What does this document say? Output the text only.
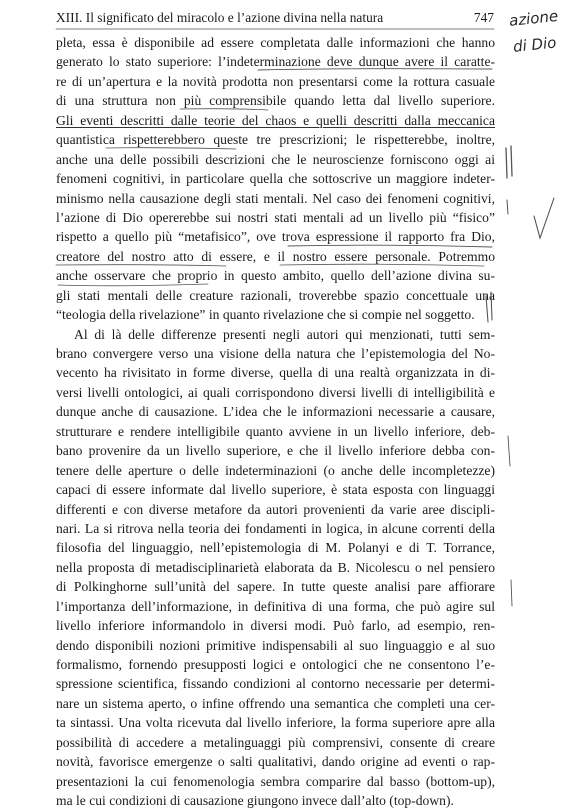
XIII. Il significato del miracolo e l’azione divina nella natura	747 azione
di Dio
pleta, essa è disponibile ad essere completata dalle informazioni che hanno
generato lo stato superiore: l’indeterminazione deve dunque avere il caratte-
re di un’apertura e la novità prodotta non presentarsi come la rottura casuale
di una struttura non più comprensibile quando letta dal livello superiore.
Gli eventi descritti dalle teorie del chaos e quelli descritti dalla meccanica
quantistica rispetterebbero queste tre prescrizioni; le rispetterebbe, inoltre,
anche una delle possibili descrizioni che le neuroscienze forniscono oggi ai
fenomeni cognitivi, in particolare quella che sottoscrive un maggiore indeter-
minismo nella causazione degli stati mentali. Nel caso dei fenomeni cognitivi,
l’azione di Dio opererebbe sui nostri stati mentali ad un livello più “fisico”
rispetto a quello più “metafisico”, ove trova espressione il rapporto fra Dio,
creatore del nostro atto di essere, e il nostro essere personale. Potremmo
anche osservare che proprio in questo ambito, quello dell’azione divina su-
gli stati mentali delle creature razionali, troverebbe spazio concettuale una
“teologia della rivelazione” in quanto rivelazione che si compie nel soggetto.
Al di là delle differenze presenti negli autori qui menzionati, tutti sem-
brano convergere verso una visione della natura che l’epistemologia del No-
vecento ha rivisitato in forme diverse, quella di una realtà organizzata in di-
versi livelli ontologici, ai quali corrispondono diversi livelli di intelligibilità e
dunque anche di causazione. L’idea che le informazioni necessarie a causare,
strutturare e rendere intelligibile quanto avviene in un livello inferiore, deb-
bano provenire da un livello superiore, e che il livello inferiore debba con-
tenere delle aperture o delle indeterminazioni (o anche delle incompletezze)
capaci di essere informate dal livello superiore, è stata esposta con linguaggi
differenti e con diverse metafore da autori provenienti da varie aree discipli-
nari. La si ritrova nella teoria dei fondamenti in logica, in alcune correnti della
filosofia del linguaggio, nell’epistemologia di M. Polanyi e di T. Torrance,
nella proposta di metadisciplinarietà elaborata da B. Nicolescu o nel pensiero
di Polkinghorne sull’unità del sapere. In tutte queste analisi pare affiorare
l’importanza dell’informazione, in definitiva di una forma, che può agire sul
livello inferiore informandolo in diversi modi. Può farlo, ad esempio, ren-
dendo disponibili nozioni primitive indispensabili al suo linguaggio e al suo
formalismo, fornendo presupposti logici e ontologici che ne consentono l’e-
spressione scientifica, fissando condizioni al contorno necessarie per determi-
nare un sistema aperto, o infine offrendo una semantica che completi una cer-
ta sintassi. Una volta ricevuta dal livello inferiore, la forma superiore apre alla
possibilità di accedere a metalinguaggi più comprensivi, consente di creare
novità, favorisce emergenze o salti qualitativi, dando origine ad eventi o rap-
presentazioni la cui fenomenologia sembra comparire dal basso (bottom-up),
ma le cui condizioni di causazione giungono invece dall’alto (top-down).
